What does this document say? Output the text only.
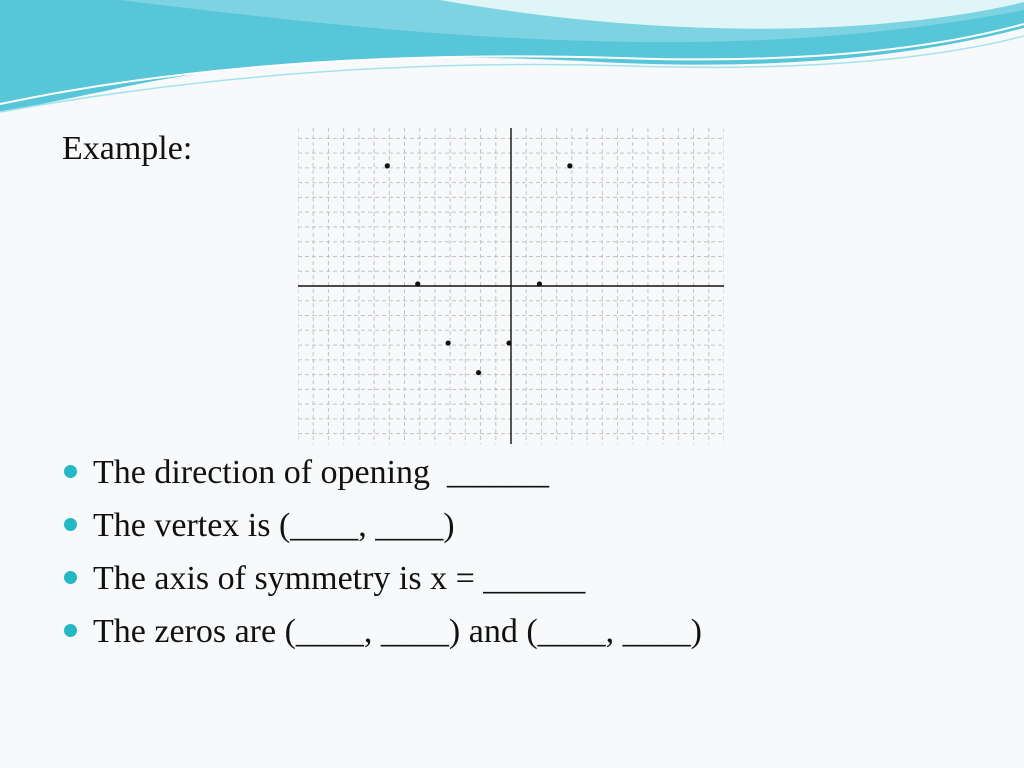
Example:
The direction of opening  ______
The vertex is (____, ____)
The axis of symmetry is x = ______
The zeros are (____, ____) and (____, ____)
